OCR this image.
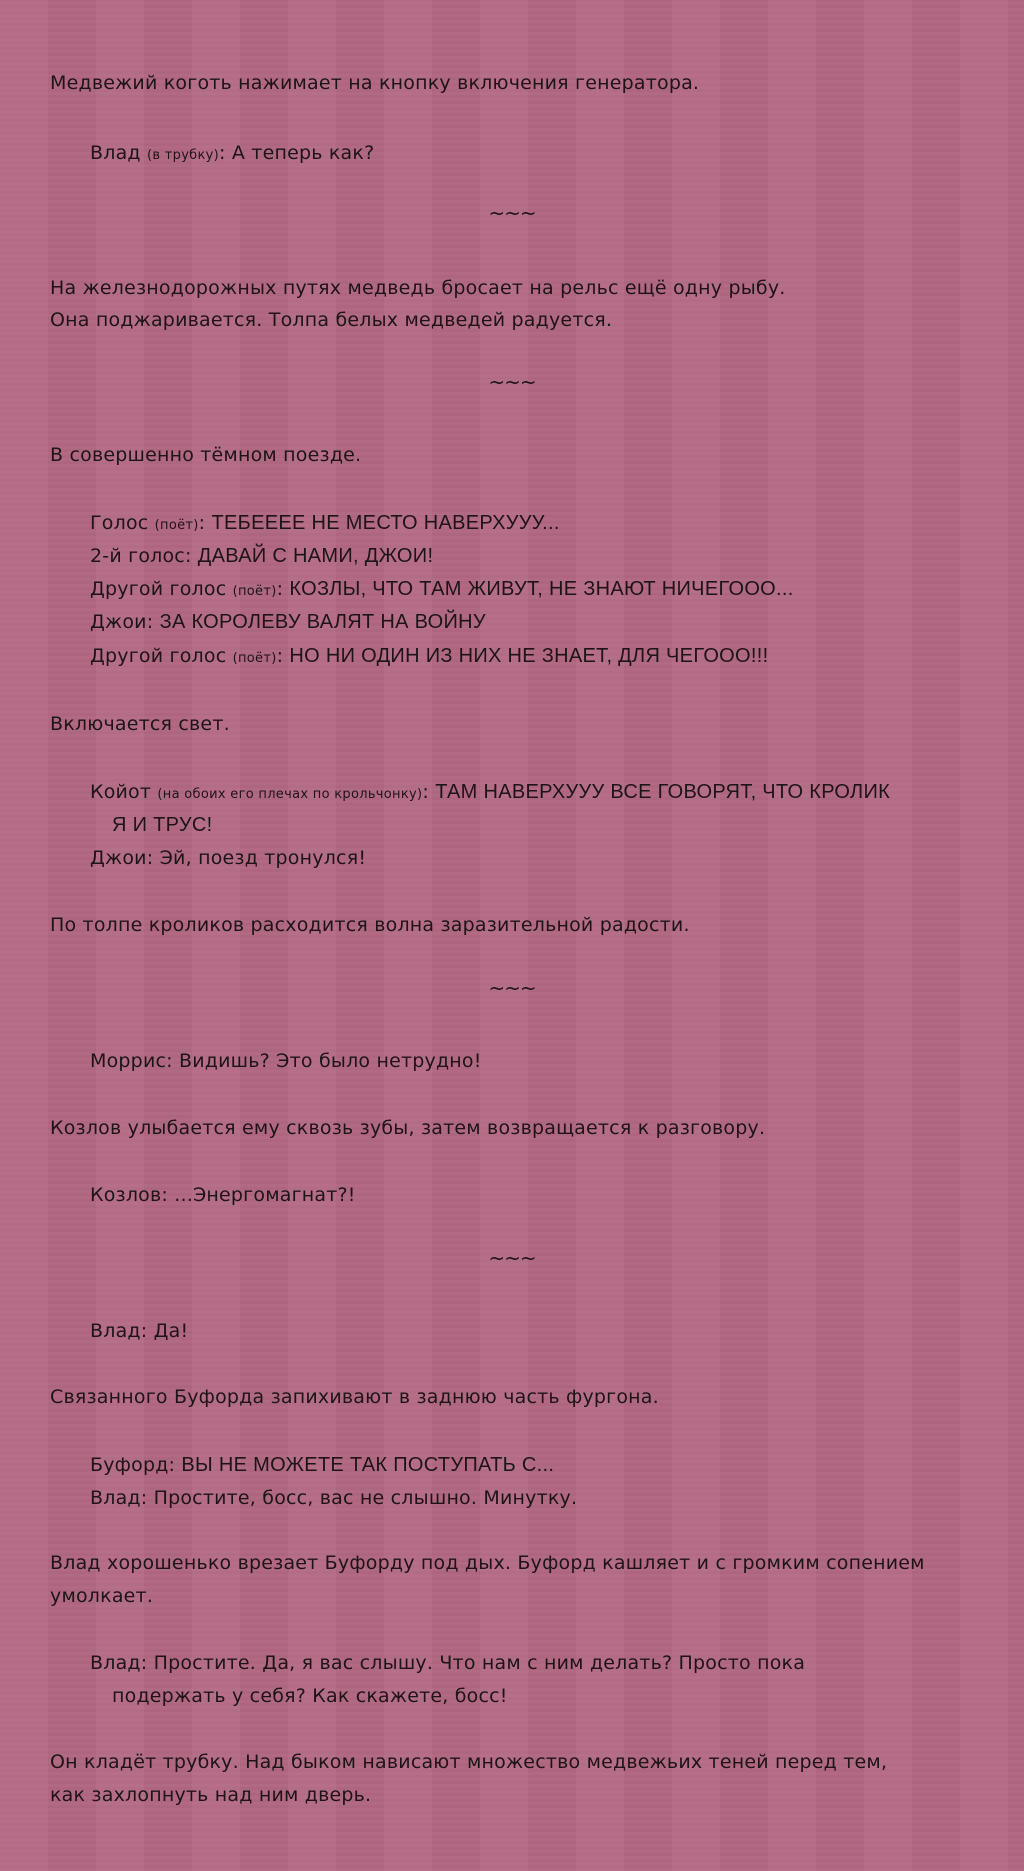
Медвежий коготь нажимает на кнопку включения генератора.
Влад (в трубку): А теперь как?
~~~
На железнодорожных путях медведь бросает на рельс ещё одну рыбу.
Она поджаривается. Толпа белых медведей радуется.
~~~
В совершенно тёмном поезде.
Голос (поёт): ТЕБЕЕЕЕ НЕ МЕСТО НАВЕРХУУУ...
2-й голос: ДАВАЙ С НАМИ, ДЖОИ!
Другой голос (поёт): КОЗЛЫ, ЧТО ТАМ ЖИВУТ, НЕ ЗНАЮТ НИЧЕГООО...
Джои: ЗА КОРОЛЕВУ ВАЛЯТ НА ВОЙНУ
Другой голос (поёт): НО НИ ОДИН ИЗ НИХ НЕ ЗНАЕТ, ДЛЯ ЧЕГООО!!!
Включается свет.
Койот (на обоих его плечах по крольчонку): ТАМ НАВЕРХУУУ ВСЕ ГОВОРЯТ, ЧТО КРОЛИК
Я И ТРУС!
Джои: Эй, поезд тронулся!
По толпе кроликов расходится волна заразительной радости.
~~~
Моррис: Видишь? Это было нетрудно!
Козлов улыбается ему сквозь зубы, затем возвращается к разговору.
Козлов: ...Энергомагнат?!
~~~
Влад: Да!
Связанного Буфорда запихивают в заднюю часть фургона.
Буфорд: ВЫ НЕ МОЖЕТЕ ТАК ПОСТУПАТЬ С...
Влад: Простите, босс, вас не слышно. Минутку.
Влад хорошенько врезает Буфорду под дых. Буфорд кашляет и с громким сопением
умолкает.
Влад: Простите. Да, я вас слышу. Что нам с ним делать? Просто пока
подержать у себя? Как скажете, босс!
Он кладёт трубку. Над быком нависают множество медвежьих теней перед тем,
как захлопнуть над ним дверь.
